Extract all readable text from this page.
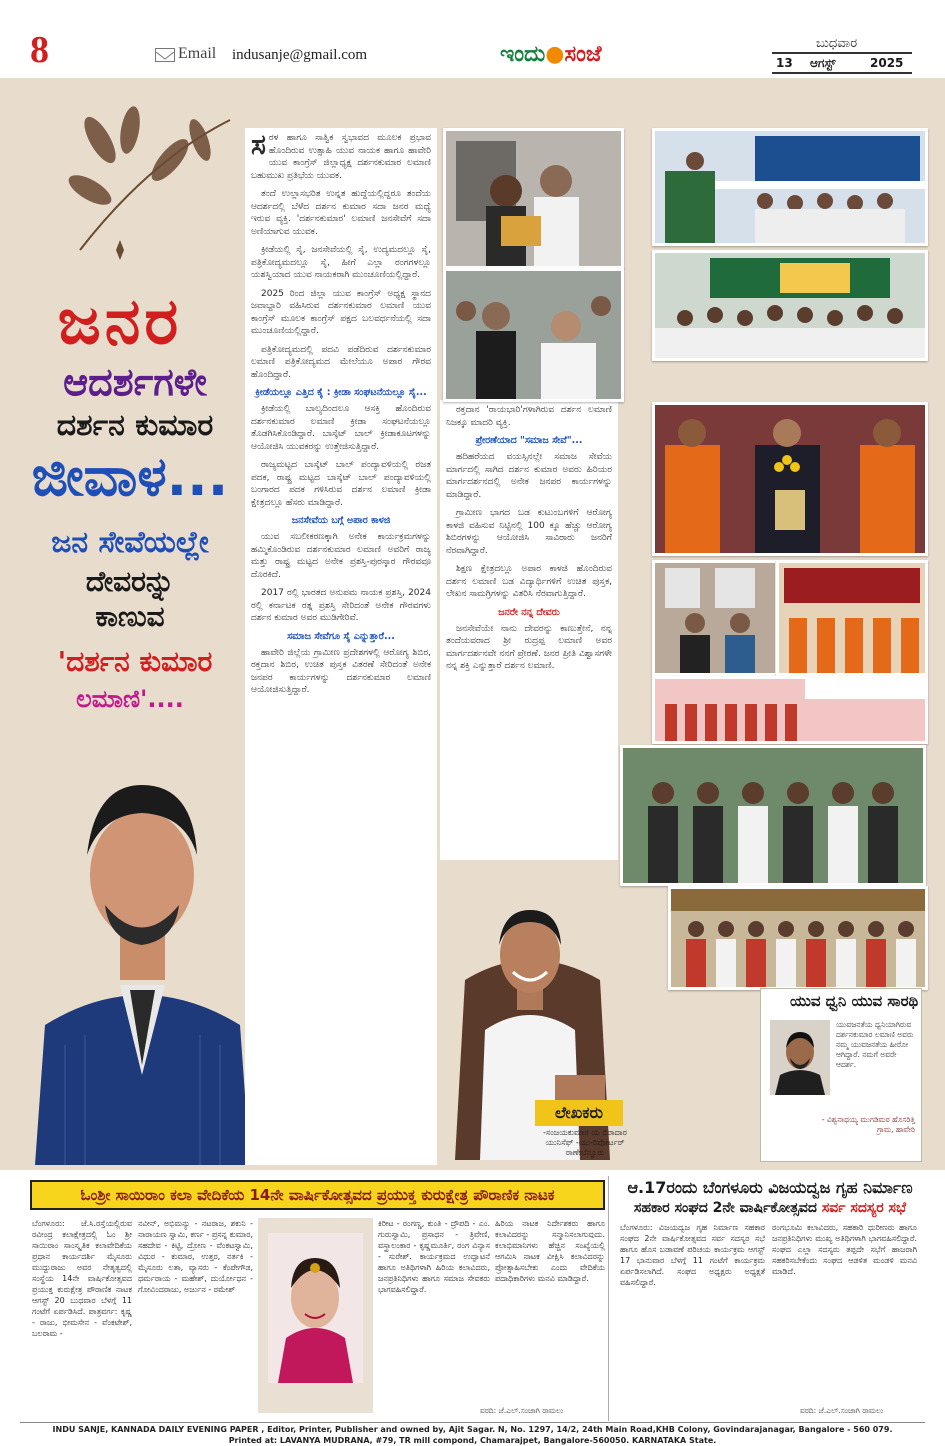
8	Email indusanje@gmail.com	ಇಂದು●ಸಂಜೆ	ಬುಧವಾರ
13 ಆಗಸ್ಟ್	2025
ಜನರ
ಆದರ್ಶಗಳೇ
ದರ್ಶನ ಕುಮಾರ
ಜೀವಾಳ...
ಜನ ಸೇವೆಯಲ್ಲೇ
ದೇವರನ್ನು
ಕಾಣುವ
'ದರ್ಶನ ಕುಮಾರ
ಲಮಾಣಿ'....

ಸರಳ ಹಾಗೂ ಸಾತ್ವಿಕ ಸ್ವಭಾವದ ಮೂಲಕ ಪ್ರಭಾವ ಹೊಂದಿರುವ ಉತ್ಸಾಹಿ ಯುವ ನಾಯಕ ಹಾಗೂ ಹಾವೇರಿ ಯುವ ಕಾಂಗ್ರೆಸ್ ಜಿಲ್ಲಾಧ್ಯಕ್ಷ ದರ್ಶನಕುಮಾರ ಲಮಾಣಿ ಬಹುಮುಖ ಪ್ರತಿಭೆಯ ಯುವಕ.

ತಂದೆ ಉಲ್ಲಾಸಭರಿತ ಉನ್ನತ ಹುದ್ದೆಯಲ್ಲಿದ್ದರೂ ತಂದೆಯ ಆದರ್ಶದಲ್ಲಿ ಬೆಳೆದ ದರ್ಶನ ಕುಮಾರ ಸದಾ ಜನರ ಮಧ್ಯೆ ಇರುವ ವ್ಯಕ್ತಿ. 'ದರ್ಶನಕುಮಾರ' ಲಮಾಣಿ ಜನಸೇವೆಗೆ ಸದಾ ಅಣಿಯಾಗುವ ಯುವಕ.

ಕ್ರೀಡೆಯಲ್ಲಿ ಸೈ, ಜನಸೇವೆಯಲ್ಲಿ ಸೈ, ಉದ್ಯಮದಲ್ಲೂ ಸೈ, ಪತ್ರಿಕೋದ್ಯಮದಲ್ಲೂ ಸೈ, ಹೀಗೆ ಎಲ್ಲಾ ರಂಗಗಳಲ್ಲೂ ಯಶಸ್ವಿಯಾದ ಯುವ ನಾಯಕರಾಗಿ ಮುಂಚೂಣಿಯಲ್ಲಿದ್ದಾರೆ.

2025 ರಿಂದ ಜಿಲ್ಲಾ ಯುವ ಕಾಂಗ್ರೆಸ್ ಅಧ್ಯಕ್ಷ ಸ್ಥಾನದ ಜವಾಬ್ದಾರಿ ವಹಿಸಿರುವ ದರ್ಶನಕುಮಾರ ಲಮಾಣಿ ಯುವ ಕಾಂಗ್ರೆಸ್ ಮೂಲಕ ಕಾಂಗ್ರೆಸ್ ಪಕ್ಷದ ಬಲವರ್ಧನೆಯಲ್ಲಿ ಸದಾ ಮುಂಚೂಣಿಯಲ್ಲಿದ್ದಾರೆ.

ಪತ್ರಿಕೋದ್ಯಮದಲ್ಲಿ ಪದವಿ ಪಡೆದಿರುವ ದರ್ಶನಕುಮಾರ ಲಮಾಣಿ ಪತ್ರಿಕೋದ್ಯಮದ ಮೇಲೆಯೂ ಅಪಾರ ಗೌರವ ಹೊಂದಿದ್ದಾರೆ.

ಕ್ರೀಡೆಯಲ್ಲೂ ಎತ್ತಿದ ಕೈ : ಕ್ರೀಡಾ ಸಂಘಟನೆಯಲ್ಲೂ ಸೈ...

ಕ್ರೀಡೆಯಲ್ಲಿ ಬಾಲ್ಯದಿಂದಲೂ ಆಸಕ್ತಿ ಹೊಂದಿರುವ ದರ್ಶನಕುಮಾರ ಲಮಾಣಿ ಕ್ರೀಡಾ ಸಂಘಟನೆಯಲ್ಲೂ ತೊಡಗಿಸಿಕೊಂಡಿದ್ದಾರೆ. ಬಾಸ್ಕೆಟ್ ಬಾಲ್ ಕ್ರೀಡಾಕೂಟಗಳನ್ನು ಆಯೋಜಿಸಿ ಯುವಕರನ್ನು ಉತ್ತೇಜಿಸುತ್ತಿದ್ದಾರೆ.

ರಾಜ್ಯಮಟ್ಟದ ಬಾಸ್ಕೆಟ್ ಬಾಲ್ ಪಂದ್ಯಾವಳಿಯಲ್ಲಿ ರಜತ ಪದಕ, ರಾಷ್ಟ್ರ ಮಟ್ಟದ ಬಾಸ್ಕೆಟ್ ಬಾಲ್ ಪಂದ್ಯಾವಳಿಯಲ್ಲಿ ಬಂಗಾರದ ಪದಕ ಗಳಿಸಿರುವ ದರ್ಶನ ಲಮಾಣಿ ಕ್ರೀಡಾ ಕ್ಷೇತ್ರದಲ್ಲೂ ಹೆಸರು ಮಾಡಿದ್ದಾರೆ.

ಜನಸೇವೆಯ ಬಗ್ಗೆ ಅಪಾರ ಕಾಳಜಿ

ಯುವ ಸಬಲೀಕರಣಕ್ಕಾಗಿ ಅನೇಕ ಕಾರ್ಯಕ್ರಮಗಳನ್ನು ಹಮ್ಮಿಕೊಂಡಿರುವ ದರ್ಶನಕುಮಾರ ಲಮಾಣಿ ಅವರಿಗೆ ರಾಜ್ಯ ಮತ್ತು ರಾಷ್ಟ್ರ ಮಟ್ಟದ ಅನೇಕ ಪ್ರಶಸ್ತಿ-ಪುರಸ್ಕಾರ ಗೌರವವೂ ದೊರಕಿದೆ.

2017 ರಲ್ಲಿ ಭಾರತದ ಅನುಪಮ ನಾಯಕ ಪ್ರಶಸ್ತಿ, 2024 ರಲ್ಲಿ ಕರ್ನಾಟಕ ರತ್ನ ಪ್ರಶಸ್ತಿ ಸೇರಿದಂತೆ ಅನೇಕ ಗೌರವಗಳು ದರ್ಶನ ಕುಮಾರ ಅವರ ಮುಡಿಗೇರಿವೆ.

ಸಮಾಜ ಸೇವೆಗೂ ಸೈ ಎನ್ನುತ್ತಾರೆ...

ಹಾವೇರಿ ಜಿಲ್ಲೆಯ ಗ್ರಾಮೀಣ ಪ್ರದೇಶಗಳಲ್ಲಿ ಆರೋಗ್ಯ ಶಿಬಿರ, ರಕ್ತದಾನ ಶಿಬಿರ, ಉಚಿತ ಪುಸ್ತಕ ವಿತರಣೆ ಸೇರಿದಂತೆ ಅನೇಕ ಜನಪರ ಕಾರ್ಯಗಳನ್ನು ದರ್ಶನಕುಮಾರ ಲಮಾಣಿ ಆಯೋಜಿಸುತ್ತಿದ್ದಾರೆ.

ರಕ್ತದಾನ 'ರಾಯಭಾರಿ'ಗಳಾಗಿರುವ ದರ್ಶನ ಲಮಾಣಿ ನಿಜಕ್ಕೂ ಮಾದರಿ ವ್ಯಕ್ತಿ.

ಪ್ರೇರಣೆಯಾದ "ಸಮಾಜ ಸೇವೆ"...

ಹದಿಹರೆಯದ ವಯಸ್ಸಿನಲ್ಲೇ ಸಮಾಜ ಸೇವೆಯ ಮಾರ್ಗದಲ್ಲಿ ಸಾಗಿದ ದರ್ಶನ ಕುಮಾರ ಅವರು ಹಿರಿಯರ ಮಾರ್ಗದರ್ಶನದಲ್ಲಿ ಅನೇಕ ಜನಪರ ಕಾರ್ಯಗಳನ್ನು ಮಾಡಿದ್ದಾರೆ.

ಗ್ರಾಮೀಣ ಭಾಗದ ಬಡ ಕುಟುಂಬಗಳಿಗೆ ಆರೋಗ್ಯ ಕಾಳಜಿ ವಹಿಸುವ ನಿಟ್ಟಿನಲ್ಲಿ 100 ಕ್ಕೂ ಹೆಚ್ಚು ಆರೋಗ್ಯ ಶಿಬಿರಗಳನ್ನು ಆಯೋಜಿಸಿ ಸಾವಿರಾರು ಜನರಿಗೆ ನೆರವಾಗಿದ್ದಾರೆ.

ಶಿಕ್ಷಣ ಕ್ಷೇತ್ರದಲ್ಲೂ ಅಪಾರ ಕಾಳಜಿ ಹೊಂದಿರುವ ದರ್ಶನ ಲಮಾಣಿ ಬಡ ವಿದ್ಯಾರ್ಥಿಗಳಿಗೆ ಉಚಿತ ಪುಸ್ತಕ, ಲೇಖನ ಸಾಮಗ್ರಿಗಳನ್ನು ವಿತರಿಸಿ ನೆರವಾಗುತ್ತಿದ್ದಾರೆ.

ಜನರೇ ನನ್ನ ದೇವರು

ಜನಸೇವೆಯೇ ನಾನು ದೇವರನ್ನು ಕಾಣುತ್ತೇನೆ, ನನ್ನ ತಂದೆಯವರಾದ ಶ್ರೀ ರುದ್ರಪ್ಪ ಲಮಾಣಿ ಅವರ ಮಾರ್ಗದರ್ಶನವೇ ನನಗೆ ಪ್ರೇರಣೆ. ಜನರ ಪ್ರೀತಿ ವಿಶ್ವಾಸಗಳೇ ನನ್ನ ಶಕ್ತಿ ಎನ್ನುತ್ತಾರೆ ದರ್ಶನ ಲಮಾಣಿ.

ಲೇಖಕರು
-ಸಂಜಯಕುಮಾರ ಯ ಬಿರಾದಾರ ಯುನಿಸೆಫ್ -ಯು-ರಿಪೋರ್ಟರ್ ರಾಣೇಬೆನ್ನೂರು
ಯುವ ಧ್ವನಿ ಯುವ ಸಾರಥಿ
ಯುವಜನತೆಯ ಧ್ವನಿಯಾಗಿರುವ ದರ್ಶನಕುಮಾರ ಲಮಾಣಿ ಅವರು ನಮ್ಮ ಯುವಜನತೆಯ ಹೀರೋ ಆಗಿದ್ದಾರೆ. ನಮಗೆ ಅವರೇ ಆದರ್ಶ.
- ವಿಶ್ವನಾಥಯ್ಯ ಮುಗಡಿಮಠ ಹೊಸರಿತ್ತಿ ಗ್ರಾಮ, ಹಾವೇರಿ
ಓಂಶ್ರೀ ಸಾಯಿರಾಂ ಕಲಾ ವೇದಿಕೆಯ 14ನೇ ವಾರ್ಷಿಕೋತ್ಸವದ ಪ್ರಯುಕ್ತ ಕುರುಕ್ಷೇತ್ರ ಪೌರಾಣಿಕ ನಾಟಕ
ಬೆಂಗಳೂರು: ಜೆ.ಸಿ.ರಸ್ತೆಯಲ್ಲಿರುವ ರವೀಂದ್ರ ಕಲಾಕ್ಷೇತ್ರದಲ್ಲಿ ಓಂ ಶ್ರೀ ಸಾಯಿರಾಂ ಸಾಂಸ್ಕೃತಿಕ ಕಲಾವೇದಿಕೆಯ ಪ್ರಧಾನ ಕಾರ್ಯದರ್ಶಿ ಮೈಸೂರು ಮುದ್ದುರಾಜು ಅವರ ನೇತೃತ್ವದಲ್ಲಿ ಸಂಸ್ಥೆಯ 14ನೇ ವಾರ್ಷಿಕೋತ್ಸವದ ಪ್ರಯುಕ್ತ ಕುರುಕ್ಷೇತ್ರ ಪೌರಾಣಿಕ ನಾಟಕ ಆಗಸ್ಟ್ 20 ಬುಧವಾರ ಬೆಳಗ್ಗೆ 11 ಗಂಟೆಗೆ ಏರ್ಪಡಿಸಿದೆ. ಪಾತ್ರವರ್ಗ: ಕೃಷ್ಣ - ರಾಜು, ಭೀಮಸೇನ - ವೆಂಕಟೇಶ್, ಬಲರಾಮ -
ನವೀನ್, ಅಭಿಮನ್ಯು - ನಟರಾಜ, ಶಕುನಿ - ನಾರಾಯಣ ಸ್ವಾಮಿ, ಕರ್ಣ - ಪ್ರಸನ್ನ ಕುಮಾರ, ಸಹದೇವ - ಕಿಟ್ಟಿ, ದ್ರೋಣ - ವೆಂಕಟಸ್ವಾಮಿ, ವಿಧುರ - ಕುಮಾರ, ಉತ್ತರ, ನರ್ತಕಿ - ಮೈಸೂರು ಲತಾ, ವ್ಯಾಸರು - ಕೆಂಪೇಗೌಡ, ಧರ್ಮರಾಯ - ಮಹೇಶ್, ದುರ್ಯೋಧನ - ಗೋವಿಂದರಾಜು, ಅರ್ಜುನ - ರಮೇಶ್
ಕಿರೀಟ - ರಂಗಣ್ಣ, ಕುಂತಿ - ದ್ರೌಪದಿ - ಎಂ. ಗುರುಸ್ವಾಮಿ, ಪ್ರಸಾಧನ - ತ್ರಿವೇಣಿ, ವಸ್ತ್ರಾಲಂಕಾರ - ಕೃಷ್ಣಮೂರ್ತಿ, ರಂಗ ವಿನ್ಯಾಸ - ಸುರೇಶ್. ಕಾರ್ಯಕ್ರಮದ ಉದ್ಘಾಟನೆ ಹಾಗೂ ಅತಿಥಿಗಳಾಗಿ ಹಿರಿಯ ಕಲಾವಿದರು, ಜನಪ್ರತಿನಿಧಿಗಳು ಹಾಗೂ ಸಮಾಜ ಸೇವಕರು ಭಾಗವಹಿಸಲಿದ್ದಾರೆ.
ಹಿರಿಯ ನಾಟಕ ನಿರ್ದೇಶಕರು ಹಾಗೂ ಕಲಾವಿದರನ್ನು ಸನ್ಮಾನಿಸಲಾಗುವುದು. ಕಲಾಭಿಮಾನಿಗಳು ಹೆಚ್ಚಿನ ಸಂಖ್ಯೆಯಲ್ಲಿ ಆಗಮಿಸಿ ನಾಟಕ ವೀಕ್ಷಿಸಿ ಕಲಾವಿದರನ್ನು ಪ್ರೋತ್ಸಾಹಿಸಬೇಕು ಎಂದು ವೇದಿಕೆಯ ಪದಾಧಿಕಾರಿಗಳು ಮನವಿ ಮಾಡಿದ್ದಾರೆ.
ವರದಿ: ಜೆ.ಎಲ್.ಸಂಜಾಗಿ ರಾಮಲು
ಆ.17ರಂದು ಬೆಂಗಳೂರು ವಿಜಯದ್ವಜ ಗೃಹ ನಿರ್ಮಾಣ
ಸಹಕಾರ ಸಂಘದ 2ನೇ ವಾರ್ಷಿಕೋತ್ಸವದ ಸರ್ವ ಸದಸ್ಯರ ಸಭೆ
ಬೆಂಗಳೂರು: ವಿಜಯದ್ವಜ ಗೃಹ ನಿರ್ಮಾಣ ಸಹಕಾರ ಸಂಘದ 2ನೇ ವಾರ್ಷಿಕೋತ್ಸವದ ಸರ್ವ ಸದಸ್ಯರ ಸಭೆ ಹಾಗೂ ಹೊಸ ಬಡಾವಣೆ ಪರಿಚಯ ಕಾರ್ಯಕ್ರಮ ಆಗಸ್ಟ್ 17 ಭಾನುವಾರ ಬೆಳಗ್ಗೆ 11 ಗಂಟೆಗೆ ಕಾರ್ಯಕ್ರಮ ಏರ್ಪಡಿಸಲಾಗಿದೆ. ಸಂಘದ ಅಧ್ಯಕ್ಷರು ಅಧ್ಯಕ್ಷತೆ ವಹಿಸಲಿದ್ದಾರೆ.
ರಂಗಭೂಮಿ ಕಲಾವಿದರು, ಸಹಕಾರಿ ಧುರೀಣರು ಹಾಗೂ ಜನಪ್ರತಿನಿಧಿಗಳು ಮುಖ್ಯ ಅತಿಥಿಗಳಾಗಿ ಭಾಗವಹಿಸಲಿದ್ದಾರೆ. ಸಂಘದ ಎಲ್ಲಾ ಸದಸ್ಯರು ತಪ್ಪದೇ ಸಭೆಗೆ ಹಾಜರಾಗಿ ಸಹಕರಿಸಬೇಕೆಂದು ಸಂಘದ ಆಡಳಿತ ಮಂಡಳಿ ಮನವಿ ಮಾಡಿದೆ.
ವರದಿ: ಜೆ.ಎಲ್.ಸಂಜಾಗಿ ರಾಮಲು
INDU SANJE, KANNADA DAILY EVENING PAPER , Editor, Printer, Publisher and owned by, Ajit Sagar. N, No. 1297, 14/2, 24th Main Road,KHB Colony, Govindarajanagar, Bangalore - 560 079.
Printed at: LAVANYA MUDRANA, #79, TR mill compond, Chamarajpet, Bangalore-560050. KARNATAKA State.
